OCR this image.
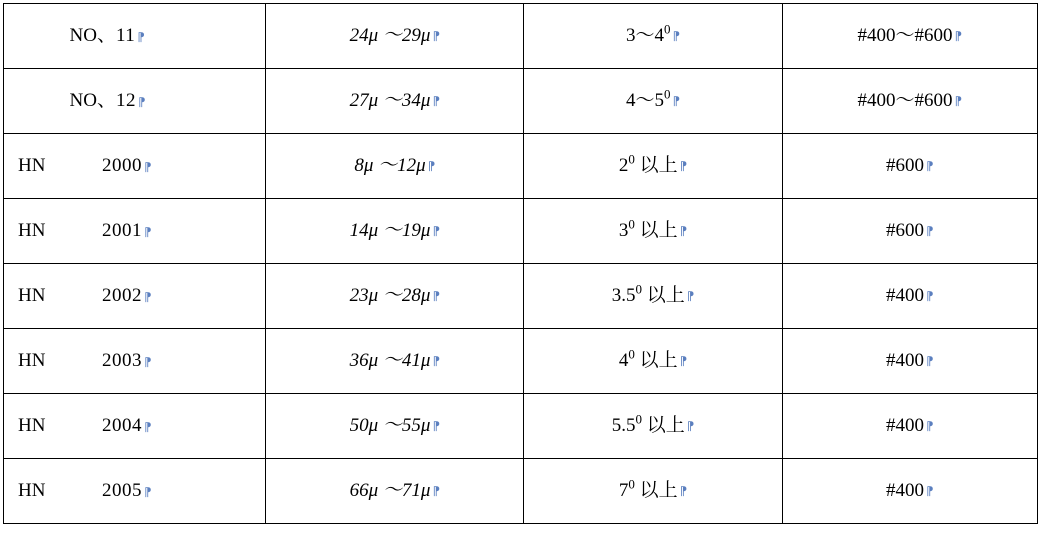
NO、 11 ⁋	24μ ～29μ ⁋	$3\sim 4^0$ ⁋	#400～#600 ⁋

NO、 12 ⁋	27μ ～34μ ⁋	$4\sim 5^0$ ⁋	#400～#600 ⁋

HN 2000 ⁋	8μ ～12μ ⁋	$2^0$ 以上 ⁋	#600 ⁋

HN 2001 ⁋	14μ ～19μ ⁋	$3^0$ 以上 ⁋	#600 ⁋

HN 2002 ⁋	23μ ～28μ ⁋	$3.5^0$ 以上 ⁋	#400 ⁋

HN 2003 ⁋	36μ ～41μ ⁋	$4^0$ 以上 ⁋	#400 ⁋

HN 2004 ⁋	50μ ～55μ ⁋	$5.5^0$ 以上 ⁋	#400 ⁋

HN 2005 ⁋	66μ ～71μ ⁋	$7^0$ 以上 ⁋	#400 ⁋
